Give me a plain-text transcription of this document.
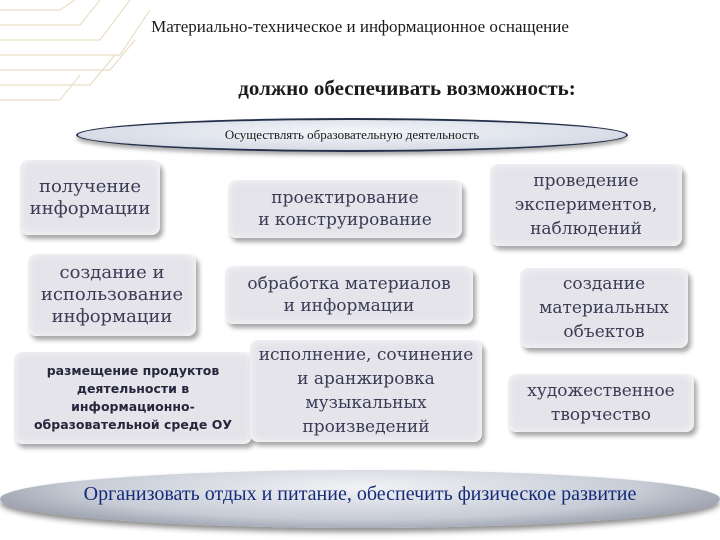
Материально-техническое и информационное оснащение
должно обеспечивать возможность:
Осуществлять образовательную деятельность
получение
информации
создание и
использование
информации
размещение продуктов
деятельности в
информационно-
образовательной среде ОУ
проектирование
и конструирование
обработка материалов
и информации
исполнение, сочинение
и аранжировка
музыкальных
произведений
проведение
экспериментов,
наблюдений
создание
материальных
объектов
художественное
творчество
Организовать отдых и питание, обеспечить физическое развитие
